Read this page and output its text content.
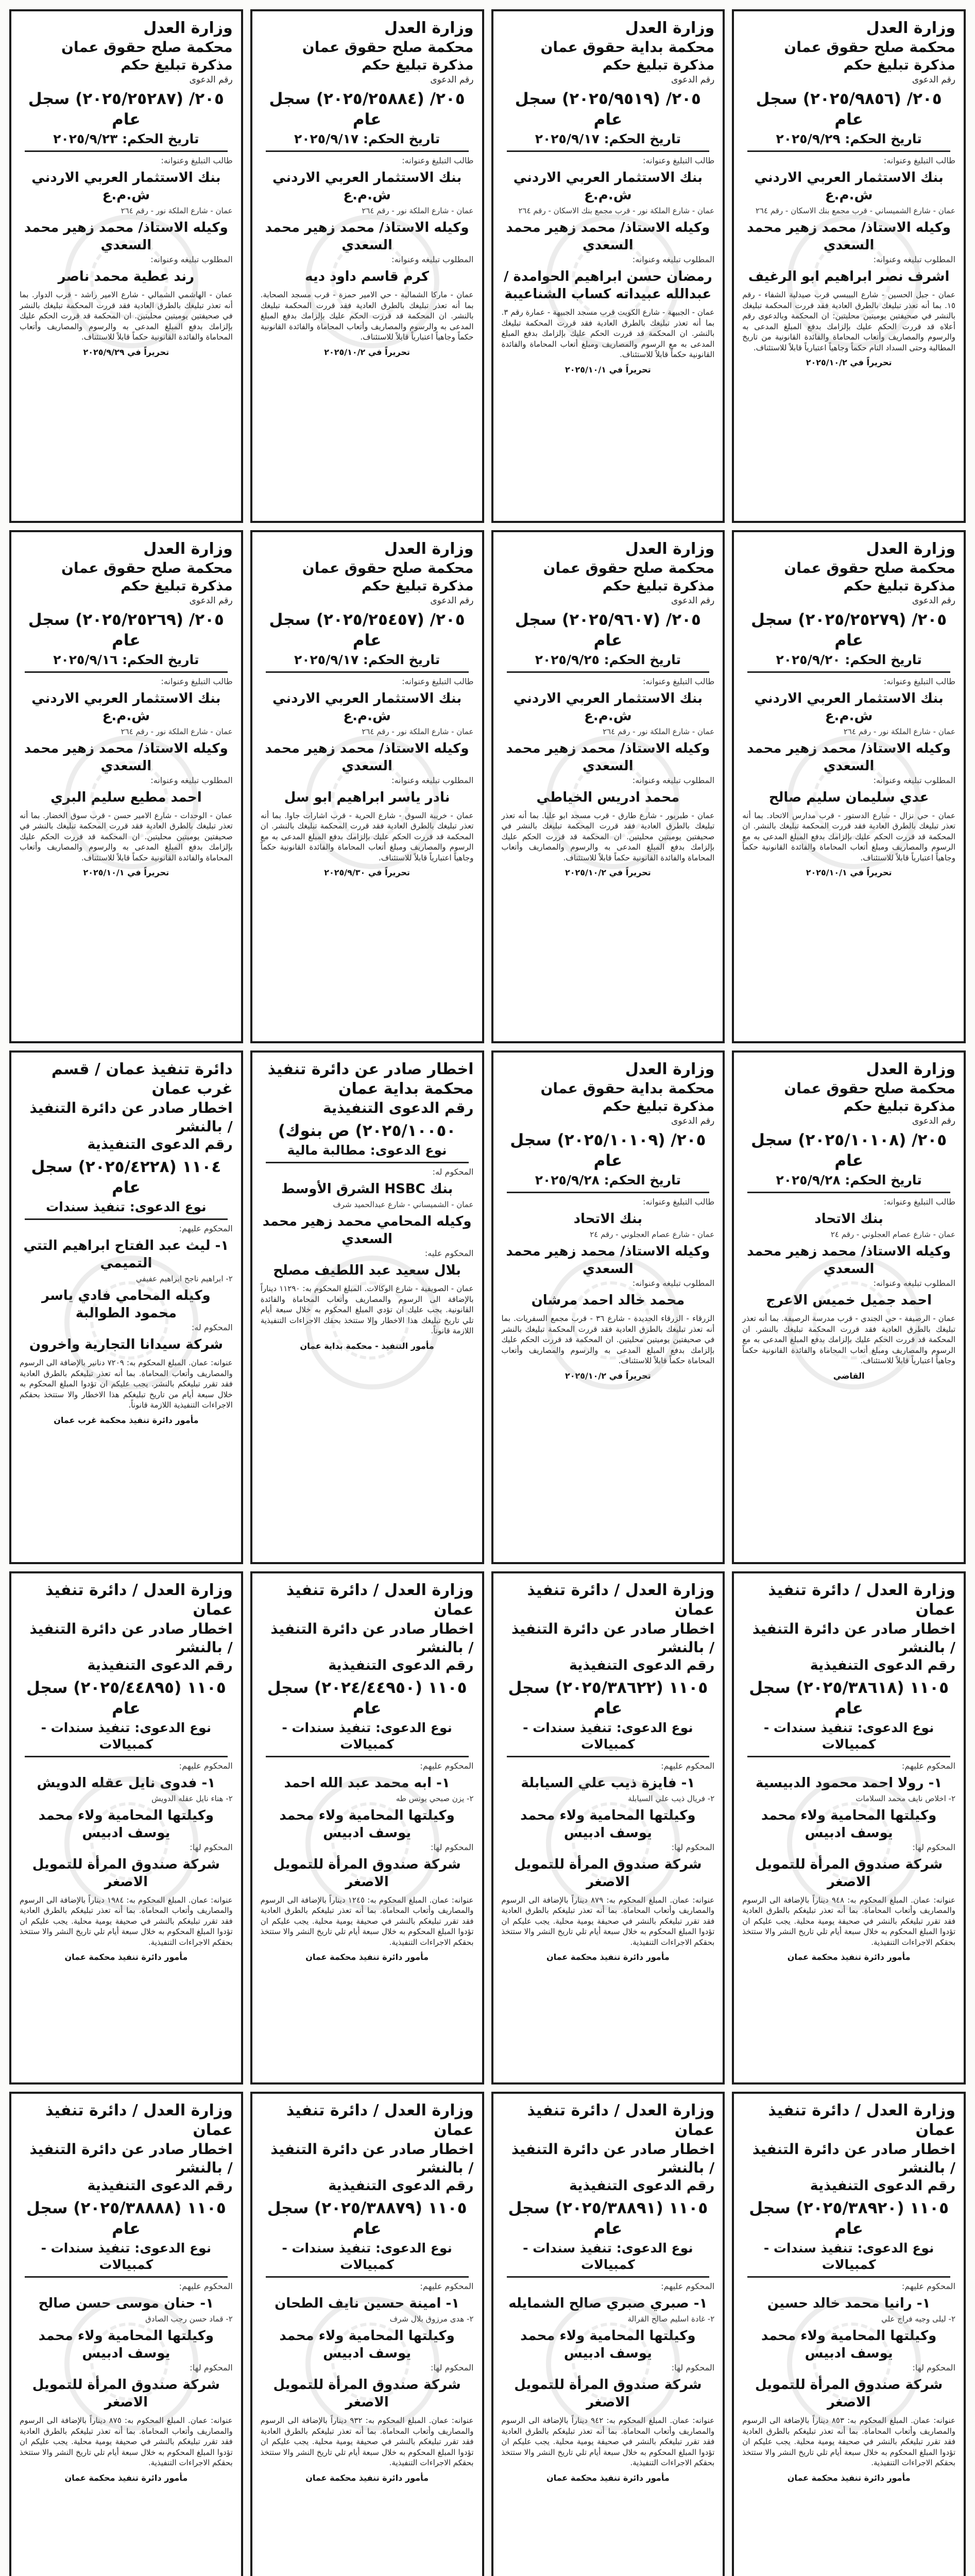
وزارة العدل
محكمة صلح حقوق عمان
مذكرة تبليغ حكم
رقم الدعوى
٢٠٥/ (٢٠٢٥/٩٨٥٦) سجل عام
تاريخ الحكم: ٢٠٢٥/٩/٢٩
طالب التبليغ وعنوانه:
بنك الاستثمار العربي الاردني ش.م.ع
عمان - شارع الشميساني - قرب مجمع بنك الاسكان - رقم ٢٦٤
وكيله الاستاذ/ محمد زهير محمد السعدي
المطلوب تبليغه وعنوانه:
اشرف نصر ابراهيم ابو الرغيف
عمان - جبل الحسين - شارع البيبسي قرب صيدلية الشفاء - رقم ١٥. بما أنه تعذر تبليغك بالطرق العادية فقد قررت المحكمة تبليغك بالنشر في صحيفتين يوميتين محليتين: ان المحكمة وبالدعوى رقم أعلاه قد قررت الحكم عليك بإلزامك بدفع المبلغ المدعى به والرسوم والمصاريف وأتعاب المحاماة والفائدة القانونية من تاريخ المطالبة وحتى السداد التام حكماً وجاهياً اعتبارياً قابلاً للاستئناف.
تحريراً في ٢٠٢٥/١٠/٢
وزارة العدل
محكمة بداية حقوق عمان
مذكرة تبليغ حكم
رقم الدعوى
٢٠٥/ (٢٠٢٥/٩٥١٩) سجل عام
تاريخ الحكم: ٢٠٢٥/٩/١٧
طالب التبليغ وعنوانه:
بنك الاستثمار العربي الاردني ش.م.ع
عمان - شارع الملكة نور - قرب مجمع بنك الاسكان - رقم ٢٦٤
وكيله الاستاذ/ محمد زهير محمد السعدي
المطلوب تبليغه وعنوانه:
رمضان حسن ابراهيم الحوامدة / عبدالله عبيداته كساب الشناعيبة
عمان - الجبيهة - شارع الكويت قرب مسجد الجبيهة - عمارة رقم ٣. بما أنه تعذر تبليغك بالطرق العادية فقد قررت المحكمة تبليغك بالنشر. ان المحكمة قد قررت الحكم عليك بإلزامك بدفع المبلغ المدعى به مع الرسوم والمصاريف ومبلغ أتعاب المحاماة والفائدة القانونية حكماً قابلاً للاستئناف.
تحريراً في ٢٠٢٥/١٠/١
وزارة العدل
محكمة صلح حقوق عمان
مذكرة تبليغ حكم
رقم الدعوى
٢٠٥/ (٢٠٢٥/٢٥٨٨٤) سجل عام
تاريخ الحكم: ٢٠٢٥/٩/١٧
طالب التبليغ وعنوانه:
بنك الاستثمار العربي الاردني ش.م.ع
عمان - شارع الملكة نور - رقم ٢٦٤
وكيله الاستاذ/ محمد زهير محمد السعدي
المطلوب تبليغه وعنوانه:
كرم قاسم داود ديه
عمان - ماركا الشمالية - حي الامير حمزة - قرب مسجد الصحابة. بما أنه تعذر تبليغك بالطرق العادية فقد قررت المحكمة تبليغك بالنشر. ان المحكمة قد قررت الحكم عليك بإلزامك بدفع المبلغ المدعى به والرسوم والمصاريف وأتعاب المحاماة والفائدة القانونية حكماً وجاهياً اعتبارياً قابلاً للاستئناف.
تحريراً في ٢٠٢٥/١٠/٢
وزارة العدل
محكمة صلح حقوق عمان
مذكرة تبليغ حكم
رقم الدعوى
٢٠٥/ (٢٠٢٥/٢٥٢٨٧) سجل عام
تاريخ الحكم: ٢٠٢٥/٩/٢٣
طالب التبليغ وعنوانه:
بنك الاستثمار العربي الاردني ش.م.ع
عمان - شارع الملكة نور - رقم ٢٦٤
وكيله الاستاذ/ محمد زهير محمد السعدي
المطلوب تبليغه وعنوانه:
رند عطية محمد ناصر
عمان - الهاشمي الشمالي - شارع الامير راشد - قرب الدوار. بما أنه تعذر تبليغك بالطرق العادية فقد قررت المحكمة تبليغك بالنشر في صحيفتين يوميتين محليتين. ان المحكمة قد قررت الحكم عليك بإلزامك بدفع المبلغ المدعى به والرسوم والمصاريف وأتعاب المحاماة والفائدة القانونية حكماً قابلاً للاستئناف.
تحريراً في ٢٠٢٥/٩/٢٩
وزارة العدل
محكمة صلح حقوق عمان
مذكرة تبليغ حكم
رقم الدعوى
٢٠٥/ (٢٠٢٥/٢٥٢٧٩) سجل عام
تاريخ الحكم: ٢٠٢٥/٩/٢٠
طالب التبليغ وعنوانه:
بنك الاستثمار العربي الاردني ش.م.ع
عمان - شارع الملكة نور - رقم ٢٦٤
وكيله الاستاذ/ محمد زهير محمد السعدي
المطلوب تبليغه وعنوانه:
عدي سليمان سليم صالح
عمان - حي نزال - شارع الدستور - قرب مدارس الاتحاد. بما أنه تعذر تبليغك بالطرق العادية فقد قررت المحكمة تبليغك بالنشر. ان المحكمة قد قررت الحكم عليك بإلزامك بدفع المبلغ المدعى به مع الرسوم والمصاريف ومبلغ أتعاب المحاماة والفائدة القانونية حكماً وجاهياً اعتبارياً قابلاً للاستئناف.
تحريراً في ٢٠٢٥/١٠/١
وزارة العدل
محكمة صلح حقوق عمان
مذكرة تبليغ حكم
رقم الدعوى
٢٠٥/ (٢٠٢٥/٩٦٠٧) سجل عام
تاريخ الحكم: ٢٠٢٥/٩/٢٥
طالب التبليغ وعنوانه:
بنك الاستثمار العربي الاردني ش.م.ع
عمان - شارع الملكة نور - رقم ٢٦٤
وكيله الاستاذ/ محمد زهير محمد السعدي
المطلوب تبليغه وعنوانه:
محمد ادريس الخياطي
عمان - طبربور - شارع طارق - قرب مسجد ابو عليا. بما أنه تعذر تبليغك بالطرق العادية فقد قررت المحكمة تبليغك بالنشر في صحيفتين يوميتين محليتين. ان المحكمة قد قررت الحكم عليك بإلزامك بدفع المبلغ المدعى به والرسوم والمصاريف وأتعاب المحاماة والفائدة القانونية حكماً قابلاً للاستئناف.
تحريراً في ٢٠٢٥/١٠/٢
وزارة العدل
محكمة صلح حقوق عمان
مذكرة تبليغ حكم
رقم الدعوى
٢٠٥/ (٢٠٢٥/٢٥٤٥٧) سجل عام
تاريخ الحكم: ٢٠٢٥/٩/١٧
طالب التبليغ وعنوانه:
بنك الاستثمار العربي الاردني ش.م.ع
عمان - شارع الملكة نور - رقم ٢٦٤
وكيله الاستاذ/ محمد زهير محمد السعدي
المطلوب تبليغه وعنوانه:
نادر ياسر ابراهيم ابو سل
عمان - خريبة السوق - شارع الحرية - قرب اشارات جاوا. بما أنه تعذر تبليغك بالطرق العادية فقد قررت المحكمة تبليغك بالنشر. ان المحكمة قد قررت الحكم عليك بإلزامك بدفع المبلغ المدعى به مع الرسوم والمصاريف ومبلغ أتعاب المحاماة والفائدة القانونية حكماً وجاهياً اعتبارياً قابلاً للاستئناف.
تحريراً في ٢٠٢٥/٩/٣٠
وزارة العدل
محكمة صلح حقوق عمان
مذكرة تبليغ حكم
رقم الدعوى
٢٠٥/ (٢٠٢٥/٢٥٢٦٩) سجل عام
تاريخ الحكم: ٢٠٢٥/٩/١٦
طالب التبليغ وعنوانه:
بنك الاستثمار العربي الاردني ش.م.ع
عمان - شارع الملكة نور - رقم ٢٦٤
وكيله الاستاذ/ محمد زهير محمد السعدي
المطلوب تبليغه وعنوانه:
احمد مطيع سليم البري
عمان - الوحدات - شارع الامير حسن - قرب سوق الخضار. بما أنه تعذر تبليغك بالطرق العادية فقد قررت المحكمة تبليغك بالنشر في صحيفتين يوميتين محليتين. ان المحكمة قد قررت الحكم عليك بإلزامك بدفع المبلغ المدعى به والرسوم والمصاريف وأتعاب المحاماة والفائدة القانونية حكماً قابلاً للاستئناف.
تحريراً في ٢٠٢٥/١٠/١
وزارة العدل
محكمة صلح حقوق عمان
مذكرة تبليغ حكم
رقم الدعوى
٢٠٥/ (٢٠٢٥/١٠١٠٨) سجل عام
تاريخ الحكم: ٢٠٢٥/٩/٢٨
طالب التبليغ وعنوانه:
بنك الاتحاد
عمان - شارع عصام العجلوني - رقم ٢٤
وكيله الاستاذ/ محمد زهير محمد السعدي
المطلوب تبليغه وعنوانه:
احمد جميل خميس الاعرج
عمان - الرصيفة - حي الجندي - قرب مدرسة الرصيفة. بما أنه تعذر تبليغك بالطرق العادية فقد قررت المحكمة تبليغك بالنشر. ان المحكمة قد قررت الحكم عليك بإلزامك بدفع المبلغ المدعى به مع الرسوم والمصاريف ومبلغ أتعاب المحاماة والفائدة القانونية حكماً وجاهياً اعتبارياً قابلاً للاستئناف.
القاضي
وزارة العدل
محكمة بداية حقوق عمان
مذكرة تبليغ حكم
رقم الدعوى
٢٠٥/ (٢٠٢٥/١٠١٠٩) سجل عام
تاريخ الحكم: ٢٠٢٥/٩/٢٨
طالب التبليغ وعنوانه:
بنك الاتحاد
عمان - شارع عصام العجلوني - رقم ٢٤
وكيله الاستاذ/ محمد زهير محمد السعدي
المطلوب تبليغه وعنوانه:
محمد خالد احمد مرشان
الزرقاء - الزرقاء الجديدة - شارع ٣٦ - قرب مجمع السفريات. بما أنه تعذر تبليغك بالطرق العادية فقد قررت المحكمة تبليغك بالنشر في صحيفتين يوميتين محليتين. ان المحكمة قد قررت الحكم عليك بإلزامك بدفع المبلغ المدعى به والرسوم والمصاريف وأتعاب المحاماة حكماً قابلاً للاستئناف.
تحريراً في ٢٠٢٥/١٠/٢
اخطار صادر عن دائرة تنفيذ محكمة بداية عمان
رقم الدعوى التنفيذية
٢٠٢٥/١٠٠٥٠) ص بنوك)
نوع الدعوى: مطالبة مالية
المحكوم له:
بنك HSBC الشرق الأوسط
عمان - الشميساني - شارع عبدالحميد شرف
وكيله المحامي محمد زهير محمد السعدي
المحكوم عليه:
بلال سعيد عبد اللطيف مصلح
عمان - الصويفية - شارع الوكالات. المبلغ المحكوم به: ١١٢٩٠ ديناراً بالإضافة الى الرسوم والمصاريف وأتعاب المحاماة والفائدة القانونية. يجب عليك ان تؤدي المبلغ المحكوم به خلال سبعة أيام تلي تاريخ تبليغك هذا الاخطار وإلا ستتخذ بحقك الاجراءات التنفيذية اللازمة قانوناً.
مأمور التنفيذ - محكمة بداية عمان
دائرة تنفيذ عمان / قسم غرب عمان
اخطار صادر عن دائرة التنفيذ / بالنشر
رقم الدعوى التنفيذية
١١٠٤ (٢٠٢٥/٤٢٢٨) سجل عام
نوع الدعوى: تنفيذ سندات
المحكوم عليهم:
١- ليث عبد الفتاح ابراهيم التتي التميمي
٢- ابراهيم ناجح ابراهيم عفيفي
وكيله المحامي فادي ياسر محمود الطوالبة
المحكوم له:
شركة سيدانا التجارية واخرون
عنوانه: عمان. المبلغ المحكوم به: ٧٢٠٩ دنانير بالإضافة الى الرسوم والمصاريف وأتعاب المحاماة. بما أنه تعذر تبليغكم بالطرق العادية فقد تقرر تبليغكم بالنشر. يجب عليكم ان تؤدوا المبلغ المحكوم به خلال سبعة أيام من تاريخ تبليغكم هذا الاخطار والا ستتخذ بحقكم الاجراءات التنفيذية اللازمة قانوناً.
مأمور دائرة تنفيذ محكمة غرب عمان
وزارة العدل / دائرة تنفيذ عمان
اخطار صادر عن دائرة التنفيذ / بالنشر
رقم الدعوى التنفيذية
١١٠٥ (٢٠٢٥/٣٨٦١٨) سجل عام
نوع الدعوى: تنفيذ سندات - كمبيالات
المحكوم عليهم:
١- رولا احمد محمود الدبيسية
٢- اخلاص نايف محمد السلامات
وكيلتها المحامية ولاء محمد يوسف ادبيس
المحكوم لها:
شركة صندوق المرأة للتمويل الاصغر
عنوانه: عمان. المبلغ المحكوم به: ٩٤٨ ديناراً بالإضافة الى الرسوم والمصاريف وأتعاب المحاماة. بما أنه تعذر تبليغكم بالطرق العادية فقد تقرر تبليغكم بالنشر في صحيفة يومية محلية. يجب عليكم ان تؤدوا المبلغ المحكوم به خلال سبعة أيام تلي تاريخ النشر والا ستتخذ بحقكم الاجراءات التنفيذية.
مأمور دائرة تنفيذ محكمة عمان
وزارة العدل / دائرة تنفيذ عمان
اخطار صادر عن دائرة التنفيذ / بالنشر
رقم الدعوى التنفيذية
١١٠٥ (٢٠٢٥/٣٨٦٢٢) سجل عام
نوع الدعوى: تنفيذ سندات - كمبيالات
المحكوم عليهم:
١- فايزة ذيب علي السيابلة
٢- فريال ذيب علي السيابلة
وكيلتها المحامية ولاء محمد يوسف ادبيس
المحكوم لها:
شركة صندوق المرأة للتمويل الاصغر
عنوانه: عمان. المبلغ المحكوم به: ٨٧٩ ديناراً بالإضافة الى الرسوم والمصاريف وأتعاب المحاماة. بما أنه تعذر تبليغكم بالطرق العادية فقد تقرر تبليغكم بالنشر في صحيفة يومية محلية. يجب عليكم ان تؤدوا المبلغ المحكوم به خلال سبعة أيام تلي تاريخ النشر والا ستتخذ بحقكم الاجراءات التنفيذية.
مأمور دائرة تنفيذ محكمة عمان
وزارة العدل / دائرة تنفيذ عمان
اخطار صادر عن دائرة التنفيذ / بالنشر
رقم الدعوى التنفيذية
١١٠٥ (٢٠٢٤/٤٤٩٥٠) سجل عام
نوع الدعوى: تنفيذ سندات - كمبيالات
المحكوم عليهم:
١- ابه محمد عبد الله احمد
٢- يزن صبحي يونس طه
وكيلتها المحامية ولاء محمد يوسف ادبيس
المحكوم لها:
شركة صندوق المرأة للتمويل الاصغر
عنوانه: عمان. المبلغ المحكوم به: ١٢٤٥ ديناراً بالإضافة الى الرسوم والمصاريف وأتعاب المحاماة. بما أنه تعذر تبليغكم بالطرق العادية فقد تقرر تبليغكم بالنشر في صحيفة يومية محلية. يجب عليكم ان تؤدوا المبلغ المحكوم به خلال سبعة أيام تلي تاريخ النشر والا ستتخذ بحقكم الاجراءات التنفيذية.
مأمور دائرة تنفيذ محكمة عمان
وزارة العدل / دائرة تنفيذ عمان
اخطار صادر عن دائرة التنفيذ / بالنشر
رقم الدعوى التنفيذية
١١٠٥ (٢٠٢٥/٤٤٨٩٥) سجل عام
نوع الدعوى: تنفيذ سندات - كمبيالات
المحكوم عليهم:
١- فدوى نايل عقله الدويش
٢- هناء نايل عقله الدويش
وكيلتها المحامية ولاء محمد يوسف ادبيس
المحكوم لها:
شركة صندوق المرأة للتمويل الاصغر
عنوانه: عمان. المبلغ المحكوم به: ١٩٨٤ ديناراً بالإضافة الى الرسوم والمصاريف وأتعاب المحاماة. بما أنه تعذر تبليغكم بالطرق العادية فقد تقرر تبليغكم بالنشر في صحيفة يومية محلية. يجب عليكم ان تؤدوا المبلغ المحكوم به خلال سبعة أيام تلي تاريخ النشر والا ستتخذ بحقكم الاجراءات التنفيذية.
مأمور دائرة تنفيذ محكمة عمان
وزارة العدل / دائرة تنفيذ عمان
اخطار صادر عن دائرة التنفيذ / بالنشر
رقم الدعوى التنفيذية
١١٠٥ (٢٠٢٥/٣٨٩٢٠) سجل عام
نوع الدعوى: تنفيذ سندات - كمبيالات
المحكوم عليهم:
١- رانيا محمد خالد حسين
٢- ليلى وجيه فراج علي
وكيلتها المحامية ولاء محمد يوسف ادبيس
المحكوم لها:
شركة صندوق المرأة للتمويل الاصغر
عنوانه: عمان. المبلغ المحكوم به: ٨٥٣ ديناراً بالإضافة الى الرسوم والمصاريف وأتعاب المحاماة. بما أنه تعذر تبليغكم بالطرق العادية فقد تقرر تبليغكم بالنشر في صحيفة يومية محلية. يجب عليكم ان تؤدوا المبلغ المحكوم به خلال سبعة أيام تلي تاريخ النشر والا ستتخذ بحقكم الاجراءات التنفيذية.
مأمور دائرة تنفيذ محكمة عمان
وزارة العدل / دائرة تنفيذ عمان
اخطار صادر عن دائرة التنفيذ / بالنشر
رقم الدعوى التنفيذية
١١٠٥ (٢٠٢٥/٣٨٨٩١) سجل عام
نوع الدعوى: تنفيذ سندات - كمبيالات
المحكوم عليهم:
١- صبري صبري صالح الشمايله
٢- غادة اسليم صالح القرالة
وكيلتها المحامية ولاء محمد يوسف ادبيس
المحكوم لها:
شركة صندوق المرأة للتمويل الاصغر
عنوانه: عمان. المبلغ المحكوم به: ٩٤٢ ديناراً بالإضافة الى الرسوم والمصاريف وأتعاب المحاماة. بما أنه تعذر تبليغكم بالطرق العادية فقد تقرر تبليغكم بالنشر في صحيفة يومية محلية. يجب عليكم ان تؤدوا المبلغ المحكوم به خلال سبعة أيام تلي تاريخ النشر والا ستتخذ بحقكم الاجراءات التنفيذية.
مأمور دائرة تنفيذ محكمة عمان
وزارة العدل / دائرة تنفيذ عمان
اخطار صادر عن دائرة التنفيذ / بالنشر
رقم الدعوى التنفيذية
١١٠٥ (٢٠٢٥/٣٨٨٧٩) سجل عام
نوع الدعوى: تنفيذ سندات - كمبيالات
المحكوم عليهم:
١- امينة حسين نايف الطحان
٢- هدى مرزوق بلال شرف
وكيلتها المحامية ولاء محمد يوسف ادبيس
المحكوم لها:
شركة صندوق المرأة للتمويل الاصغر
عنوانه: عمان. المبلغ المحكوم به: ٩٣٢ ديناراً بالإضافة الى الرسوم والمصاريف وأتعاب المحاماة. بما أنه تعذر تبليغكم بالطرق العادية فقد تقرر تبليغكم بالنشر في صحيفة يومية محلية. يجب عليكم ان تؤدوا المبلغ المحكوم به خلال سبعة أيام تلي تاريخ النشر والا ستتخذ بحقكم الاجراءات التنفيذية.
مأمور دائرة تنفيذ محكمة عمان
وزارة العدل / دائرة تنفيذ عمان
اخطار صادر عن دائرة التنفيذ / بالنشر
رقم الدعوى التنفيذية
١١٠٥ (٢٠٢٥/٣٨٨٨٨) سجل عام
نوع الدعوى: تنفيذ سندات - كمبيالات
المحكوم عليهم:
١- حنان موسى حسن صالح
٢- قماد حسن رجب الصادق
وكيلتها المحامية ولاء محمد يوسف ادبيس
المحكوم لها:
شركة صندوق المرأة للتمويل الاصغر
عنوانه: عمان. المبلغ المحكوم به: ٨٧٥ ديناراً بالإضافة الى الرسوم والمصاريف وأتعاب المحاماة. بما أنه تعذر تبليغكم بالطرق العادية فقد تقرر تبليغكم بالنشر في صحيفة يومية محلية. يجب عليكم ان تؤدوا المبلغ المحكوم به خلال سبعة أيام تلي تاريخ النشر والا ستتخذ بحقكم الاجراءات التنفيذية.
مأمور دائرة تنفيذ محكمة عمان
